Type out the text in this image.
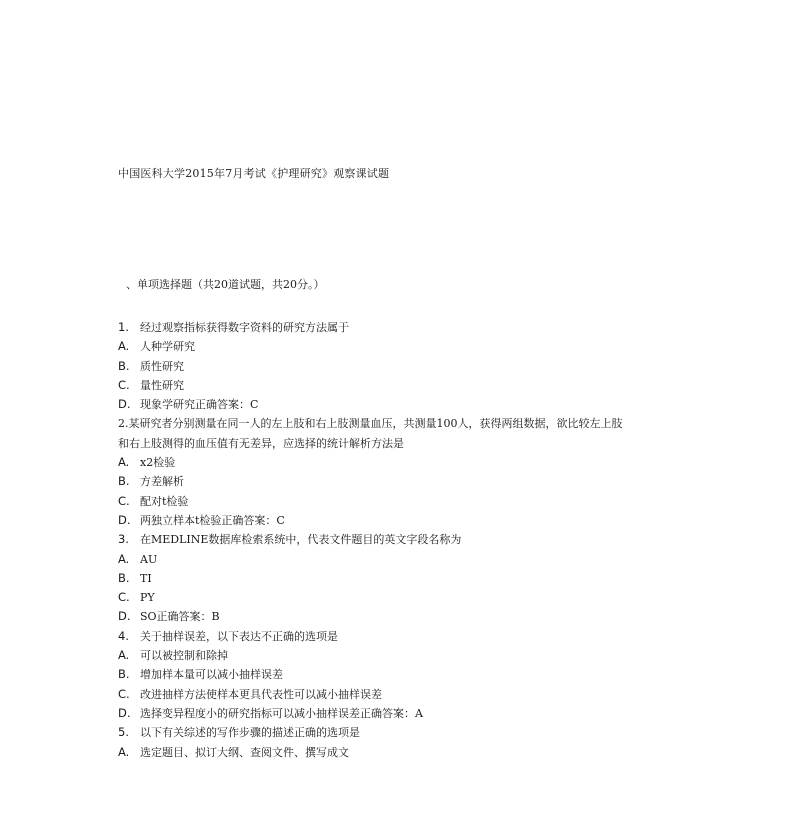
中国医科大学2015年7月考试《护理研究》观察课试题
、单项选择题（共20道试题，共20分。）
1.	经过观察指标获得数字资料的研究方法属于
A. 人种学研究
B. 质性研究
C. 量性研究
D. 现象学研究正确答案：C
2. 某研究者分别测量在同一人的左上肢和右上肢测量血压，共测量100人，获得两组数据，欲比较左上肢
和右上肢测得的血压值有无差异，应选择的统计解析方法是
A. x2检验
B. 方差解析
C. 配对t检验
D. 两独立样本t检验正确答案：C
3.	在MEDLINE数据库检索系统中，代表文件题目的英文字段名称为
A. AU
B. TI
C. PY
D. SO正确答案：B
4.	关于抽样误差，以下表达不正确的选项是
A. 可以被控制和除掉
B. 增加样本量可以减小抽样误差
C. 改进抽样方法使样本更具代表性可以减小抽样误差
D. 选择变异程度小的研究指标可以减小抽样误差正确答案：A
5.	以下有关综述的写作步骤的描述正确的选项是
A. 选定题目、拟订大纲、查阅文件、撰写成文
